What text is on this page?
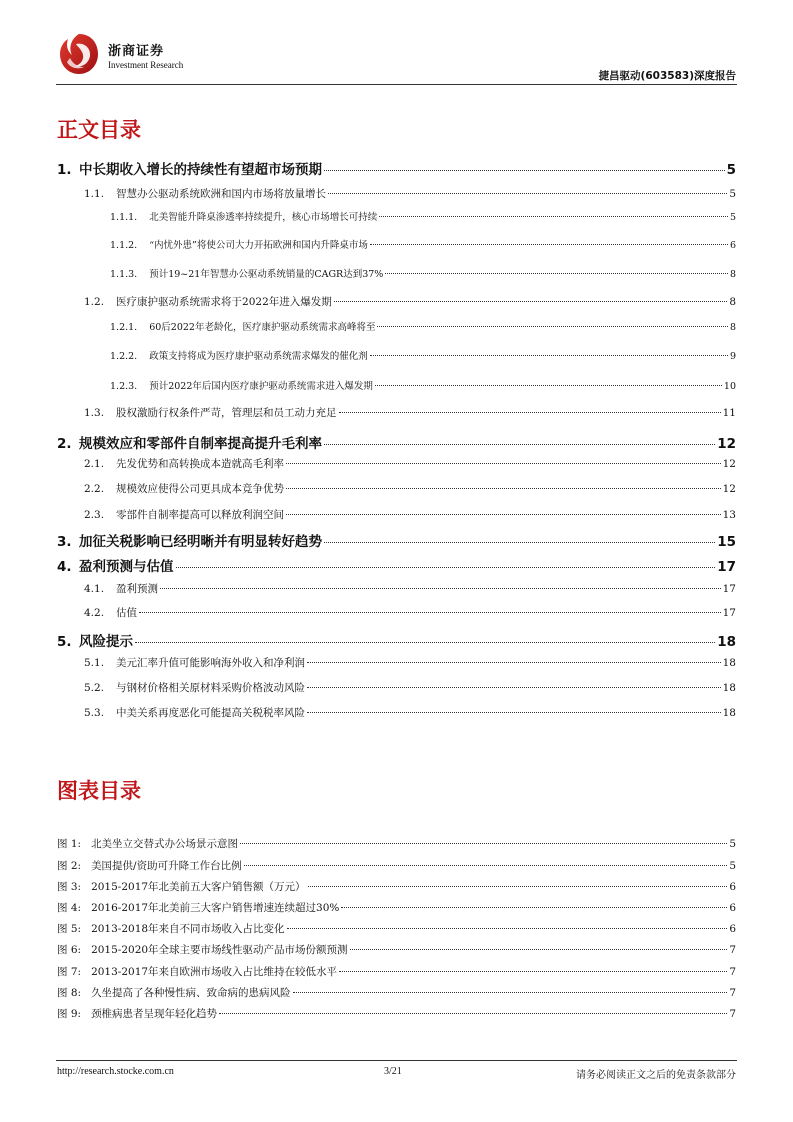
浙商证券
Investment Research
捷昌驱动(603583)深度报告
正文目录
1. 中长期收入增长的持续性有望超市场预期	5
1.1. 智慧办公驱动系统欧洲和国内市场将放量增长	5
1.1.1. 北美智能升降桌渗透率持续提升，核心市场增长可持续	5
1.1.2. “内忧外患”将使公司大力开拓欧洲和国内升降桌市场	6
1.1.3. 预计19~21年智慧办公驱动系统销量的CAGR达到37%	8
1.2. 医疗康护驱动系统需求将于2022年进入爆发期	8
1.2.1. 60后2022年老龄化，医疗康护驱动系统需求高峰将至	8
1.2.2. 政策支持将成为医疗康护驱动系统需求爆发的催化剂	9
1.2.3. 预计2022年后国内医疗康护驱动系统需求进入爆发期	10
1.3. 股权激励行权条件严苛，管理层和员工动力充足	11
2. 规模效应和零部件自制率提高提升毛利率	12
2.1. 先发优势和高转换成本造就高毛利率	12
2.2. 规模效应使得公司更具成本竞争优势	12
2.3. 零部件自制率提高可以释放利润空间	13
3. 加征关税影响已经明晰并有明显转好趋势	15
4. 盈利预测与估值	17
4.1. 盈利预测	17
4.2. 估值	17
5. 风险提示	18
5.1. 美元汇率升值可能影响海外收入和净利润	18
5.2. 与钢材价格相关原材料采购价格波动风险	18
5.3. 中美关系再度恶化可能提高关税税率风险	18
图表目录
图 1: 北美坐立交替式办公场景示意图	5
图 2: 美国提供/资助可升降工作台比例	5
图 3: 2015-2017年北美前五大客户销售额（万元）	6
图 4: 2016-2017年北美前三大客户销售增速连续超过30%	6
图 5: 2013-2018年来自不同市场收入占比变化	6
图 6: 2015-2020年全球主要市场线性驱动产品市场份额预测	7
图 7: 2013-2017年来自欧洲市场收入占比维持在较低水平	7
图 8: 久坐提高了各种慢性病、致命病的患病风险	7
图 9: 颈椎病患者呈现年轻化趋势	7
http://research.stocke.com.cn	3/21	请务必阅读正文之后的免责条款部分
